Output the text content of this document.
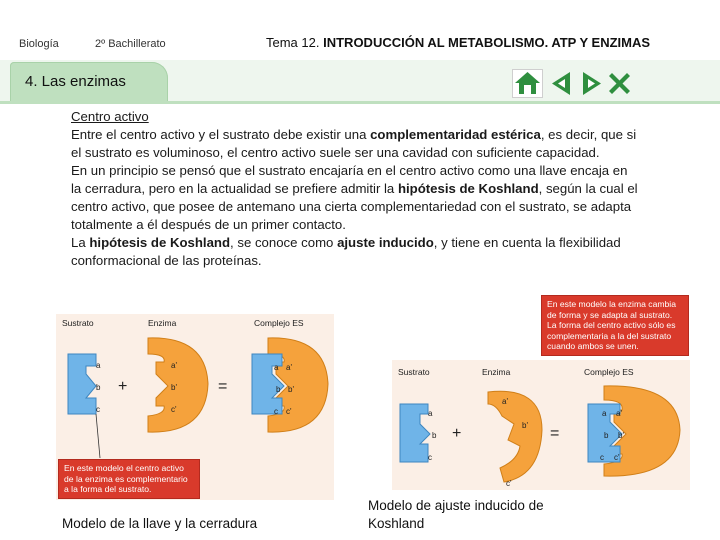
Biología	2º Bachillerato	Tema 12. INTRODUCCIÓN AL METABOLISMO. ATP Y ENZIMAS
4. Las enzimas

Centro activo

Entre el centro activo y el sustrato debe existir una complementaridad estérica, es decir, que si el sustrato es voluminoso, el centro activo suele ser una cavidad con suficiente capacidad.

En un principio se pensó que el sustrato encajaría en el centro activo como una llave encaja en la cerradura, pero en la actualidad se prefiere admitir la hipótesis de Koshland, según la cual el centro activo, que posee de antemano una cierta complementariedad con el sustrato, se adapta totalmente a él después de un primer contacto.

La hipótesis de Koshland, se conoce como ajuste inducido, y tiene en cuenta la flexibilidad conformacional de las proteínas.

Sustrato	Enzima	Complejo ES
a
b
c
+
a'
b'
c'
=
a a'
b b'
c c'
En este modelo el centro activo de la enzima es complementario a la forma del sustrato.
Sustrato	Enzima	Complejo ES
a
b
c
+
a'
b'
c'
=
a a'
b b'
c c'
En este modelo la enzima cambia de forma y se adapta al sustrato. La forma del centro activo sólo es complementaria a la del sustrato cuando ambos se unen.
Modelo de la llave y la cerradura
Modelo de ajuste inducido de Koshland
